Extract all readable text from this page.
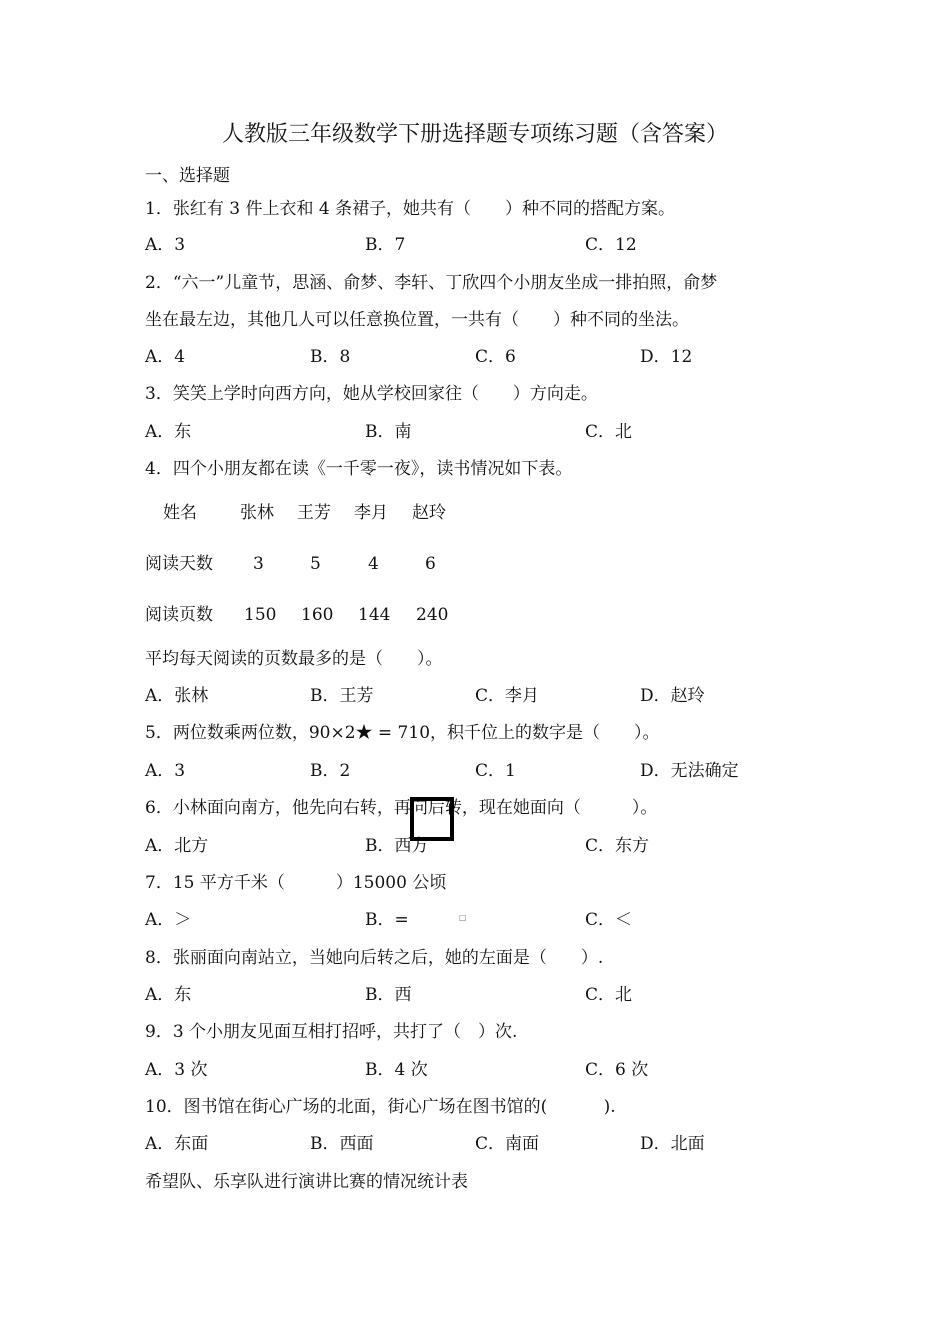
人教版三年级数学下册选择题专项练习题（含答案）
一、选择题
1．张红有 3 件上衣和 4 条裙子，她共有（　　）种不同的搭配方案。
A．3	B．7	C．12
2．“六一”儿童节，思涵、俞梦、李轩、丁欣四个小朋友坐成一排拍照，俞梦
坐在最左边，其他几人可以任意换位置，一共有（　　）种不同的坐法。
A．4	B．8	C．6	D．12
3．笑笑上学时向西方向，她从学校回家往（　　）方向走。
A．东	B．南	C．北
4．四个小朋友都在读《一千零一夜》，读书情况如下表。
姓名	张林 王芳 李月 赵玲
阅读天数 3	5	4	6
阅读页数 150 160 144 240
平均每天阅读的页数最多的是（　　）。
A．张林	B．王芳	C．李月	D．赵玲
5．两位数乘两位数，90×2★ = 710，积千位上的数字是（　　）。
A．3	B．2	C．1	D．无法确定
6．小林面向南方，他先向右转，再向后转，现在她面向（　　　）。
A．北方	B．西方	C．东方
7．15 平方千米（　　　）15000 公顷
A．＞	B．=	C．＜
□
8．张丽面向南站立，当她向后转之后，她的左面是（　　）.
A．东	B．西	C．北
9．3 个小朋友见面互相打招呼，共打了（　）次.
A．3 次	B．4 次	C．6 次
10．图书馆在街心广场的北面，街心广场在图书馆的(　　　 ).
A．东面	B．西面	C．南面	D．北面
希望队、乐享队进行演讲比赛的情况统计表
